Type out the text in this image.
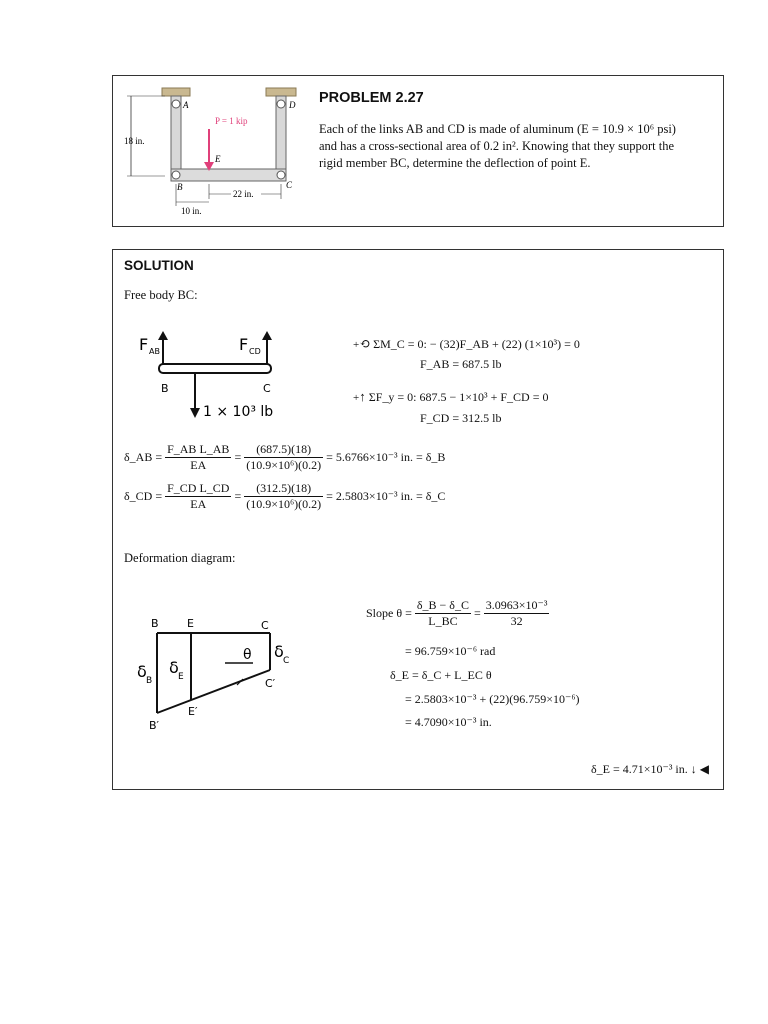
18 in.
A	D
B	C
E
P = 1 kip
10 in.
22 in.
PROBLEM 2.27
Each of the links AB and CD is made of aluminum (E = 10.9 × 10⁶ psi)
and has a cross-sectional area of 0.2 in². Knowing that they support the
rigid member BC, determine the deflection of point E.
SOLUTION
Free body BC:
F AB	F CD
B	C
1 × 10³ lb
+⟲ ΣM_C = 0: − (32)F_AB + (22) (1×10³) = 0
F_AB = 687.5 lb
+↑ ΣF_y = 0: 687.5 − 1×10³ + F_CD = 0
F_CD = 312.5 lb
δ_AB = $\frac{\text{F\_AB L\_AB}}{EA} = \frac{(687.5)(18)}{\text{(10.9×10⁶)(0.2)}} = 5.6766\times 10^{-3}$ in. = δ_B
δ_CD = $\frac{\text{F\_CD L\_CD}}{EA} = \frac{(312.5)(18)}{\text{(10.9×10⁶)(0.2)}} = 2.5803\times 10^{-3}$ in. = δ_C
Deformation diagram:
B	E	C
B′
E′
C′
δ B
δ E
δ C
θ
Slope $\theta = \frac{\delta\_B - \delta\_C}{L\_BC} = \frac{\text{3.0963×10⁻³}}{32}$
= 96.759×10⁻⁶ rad
δ_E = δ_C + L_EC θ
= 2.5803×10⁻³ + (22)(96.759×10⁻⁶)
= 4.7090×10⁻³ in.
δ_E = 4.71×10⁻³ in. ↓ ◀
